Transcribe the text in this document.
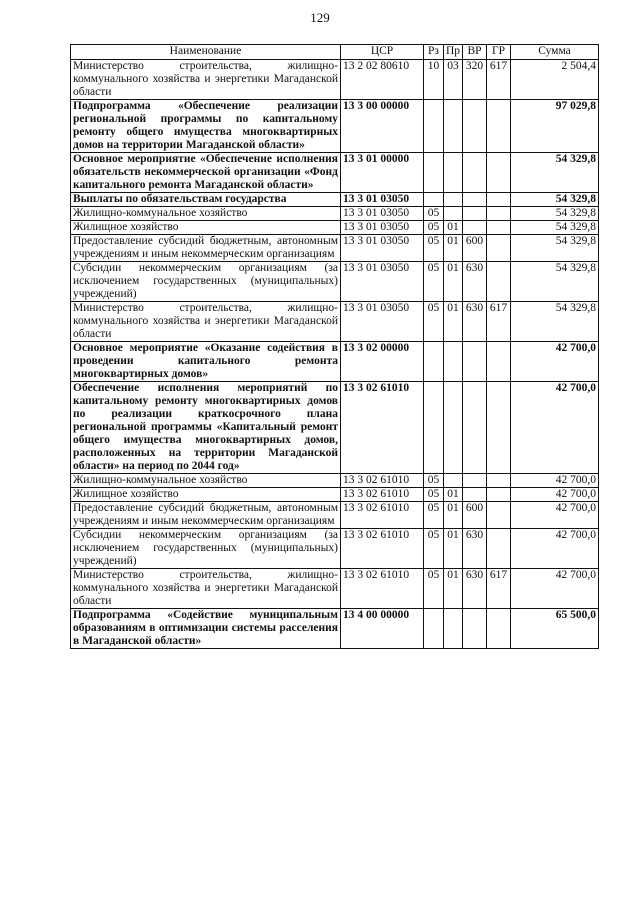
129
Наименование	ЦСР	Рз	Пр	ВР	ГР	Сумма
Министерство строительства, жилищно-коммунального хозяйства и энергетики Магаданской области	13 2 02 80610	10	03	320	617	2 504,4
Подпрограмма «Обеспечение реализации региональной программы по капитальному ремонту общего имущества многоквартирных домов на территории Магаданской области»	13 3 00 00000					97 029,8
Основное мероприятие «Обеспечение исполнения обязательств некоммерческой организации «Фонд капитального ремонта Магаданской области»	13 3 01 00000					54 329,8
Выплаты по обязательствам государства	13 3 01 03050					54 329,8
Жилищно-коммунальное хозяйство	13 3 01 03050	05				54 329,8
Жилищное хозяйство	13 3 01 03050	05	01			54 329,8
Предоставление субсидий бюджетным, автономным учреждениям и иным некоммерческим организациям	13 3 01 03050	05	01	600		54 329,8
Субсидии некоммерческим организациям (за исключением государственных (муниципальных) учреждений)	13 3 01 03050	05	01	630		54 329,8
Министерство строительства, жилищно-коммунального хозяйства и энергетики Магаданской области	13 3 01 03050	05	01	630	617	54 329,8
Основное мероприятие «Оказание содействия в проведении капитального ремонта многоквартирных домов»	13 3 02 00000					42 700,0
Обеспечение исполнения мероприятий по капитальному ремонту многоквартирных домов по реализации краткосрочного плана региональной программы «Капитальный ремонт общего имущества многоквартирных домов, расположенных на территории Магаданской области» на период по 2044 год»	13 3 02 61010					42 700,0
Жилищно-коммунальное хозяйство	13 3 02 61010	05				42 700,0
Жилищное хозяйство	13 3 02 61010	05	01			42 700,0
Предоставление субсидий бюджетным, автономным учреждениям и иным некоммерческим организациям	13 3 02 61010	05	01	600		42 700,0
Субсидии некоммерческим организациям (за исключением государственных (муниципальных) учреждений)	13 3 02 61010	05	01	630		42 700,0
Министерство строительства, жилищно-коммунального хозяйства и энергетики Магаданской области	13 3 02 61010	05	01	630	617	42 700,0
Подпрограмма «Содействие муниципальным образованиям в оптимизации системы расселения в Магаданской области»	13 4 00 00000					65 500,0
